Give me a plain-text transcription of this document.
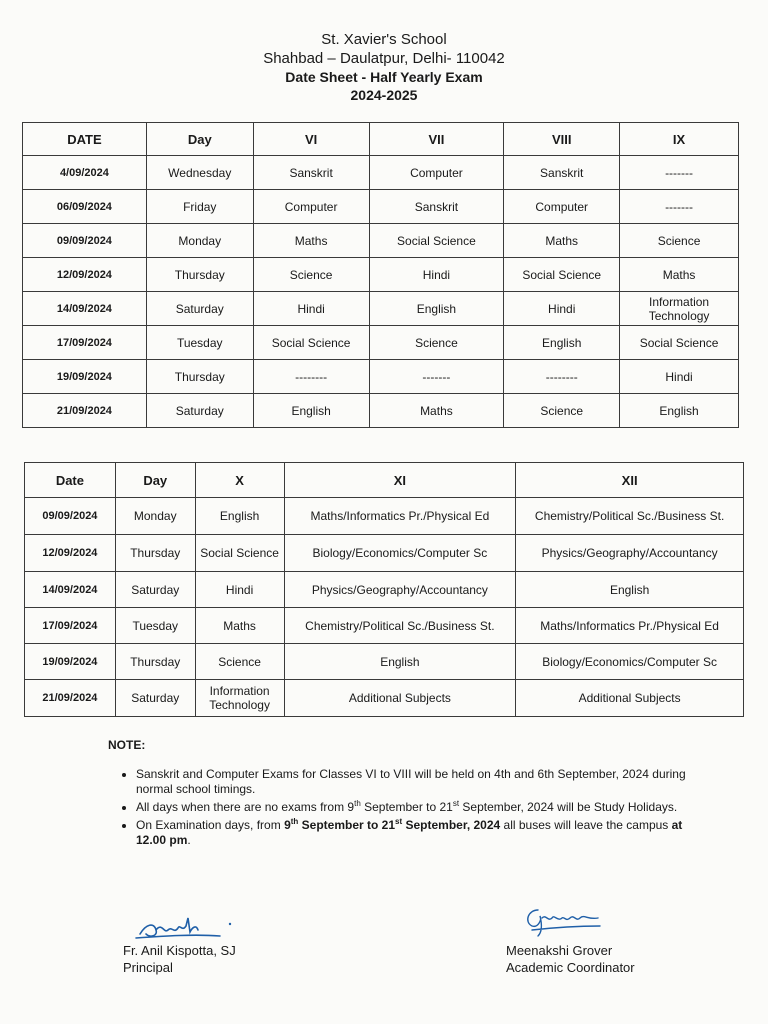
St. Xavier's School
Shahbad – Daulatpur, Delhi- 110042
Date Sheet - Half Yearly Exam
2024-2025
DATE	Day	VI	VII	VIII	IX
4/09/2024	Wednesday	Sanskrit	Computer	Sanskrit	-------
06/09/2024	Friday	Computer	Sanskrit	Computer	-------
09/09/2024	Monday	Maths	Social Science	Maths	Science
12/09/2024	Thursday	Science	Hindi	Social Science	Maths
14/09/2024	Saturday	Hindi	English	Hindi	Information Technology
17/09/2024	Tuesday	Social Science	Science	English	Social Science
19/09/2024	Thursday	--------	-------	--------	Hindi
21/09/2024	Saturday	English	Maths	Science	English
Date	Day	X	XI	XII
09/09/2024	Monday	English	Maths/Informatics Pr./Physical Ed	Chemistry/Political Sc./Business St.
12/09/2024	Thursday	Social Science	Biology/Economics/Computer Sc	Physics/Geography/Accountancy
14/09/2024	Saturday	Hindi	Physics/Geography/Accountancy	English
17/09/2024	Tuesday	Maths	Chemistry/Political Sc./Business St.	Maths/Informatics Pr./Physical Ed
19/09/2024	Thursday	Science	English	Biology/Economics/Computer Sc
21/09/2024	Saturday	Information Technology	Additional Subjects	Additional Subjects
NOTE:
• Sanskrit and Computer Exams for Classes VI to VIII will be held on 4th and 6th September, 2024 during normal school timings.
• All days when there are no exams from 9th September to 21st September, 2024 will be Study Holidays.
• On Examination days, from 9th September to 21st September, 2024 all buses will leave the campus at 12.00 pm.
Fr. Anil Kispotta, SJ
Principal
Meenakshi Grover
Academic Coordinator
